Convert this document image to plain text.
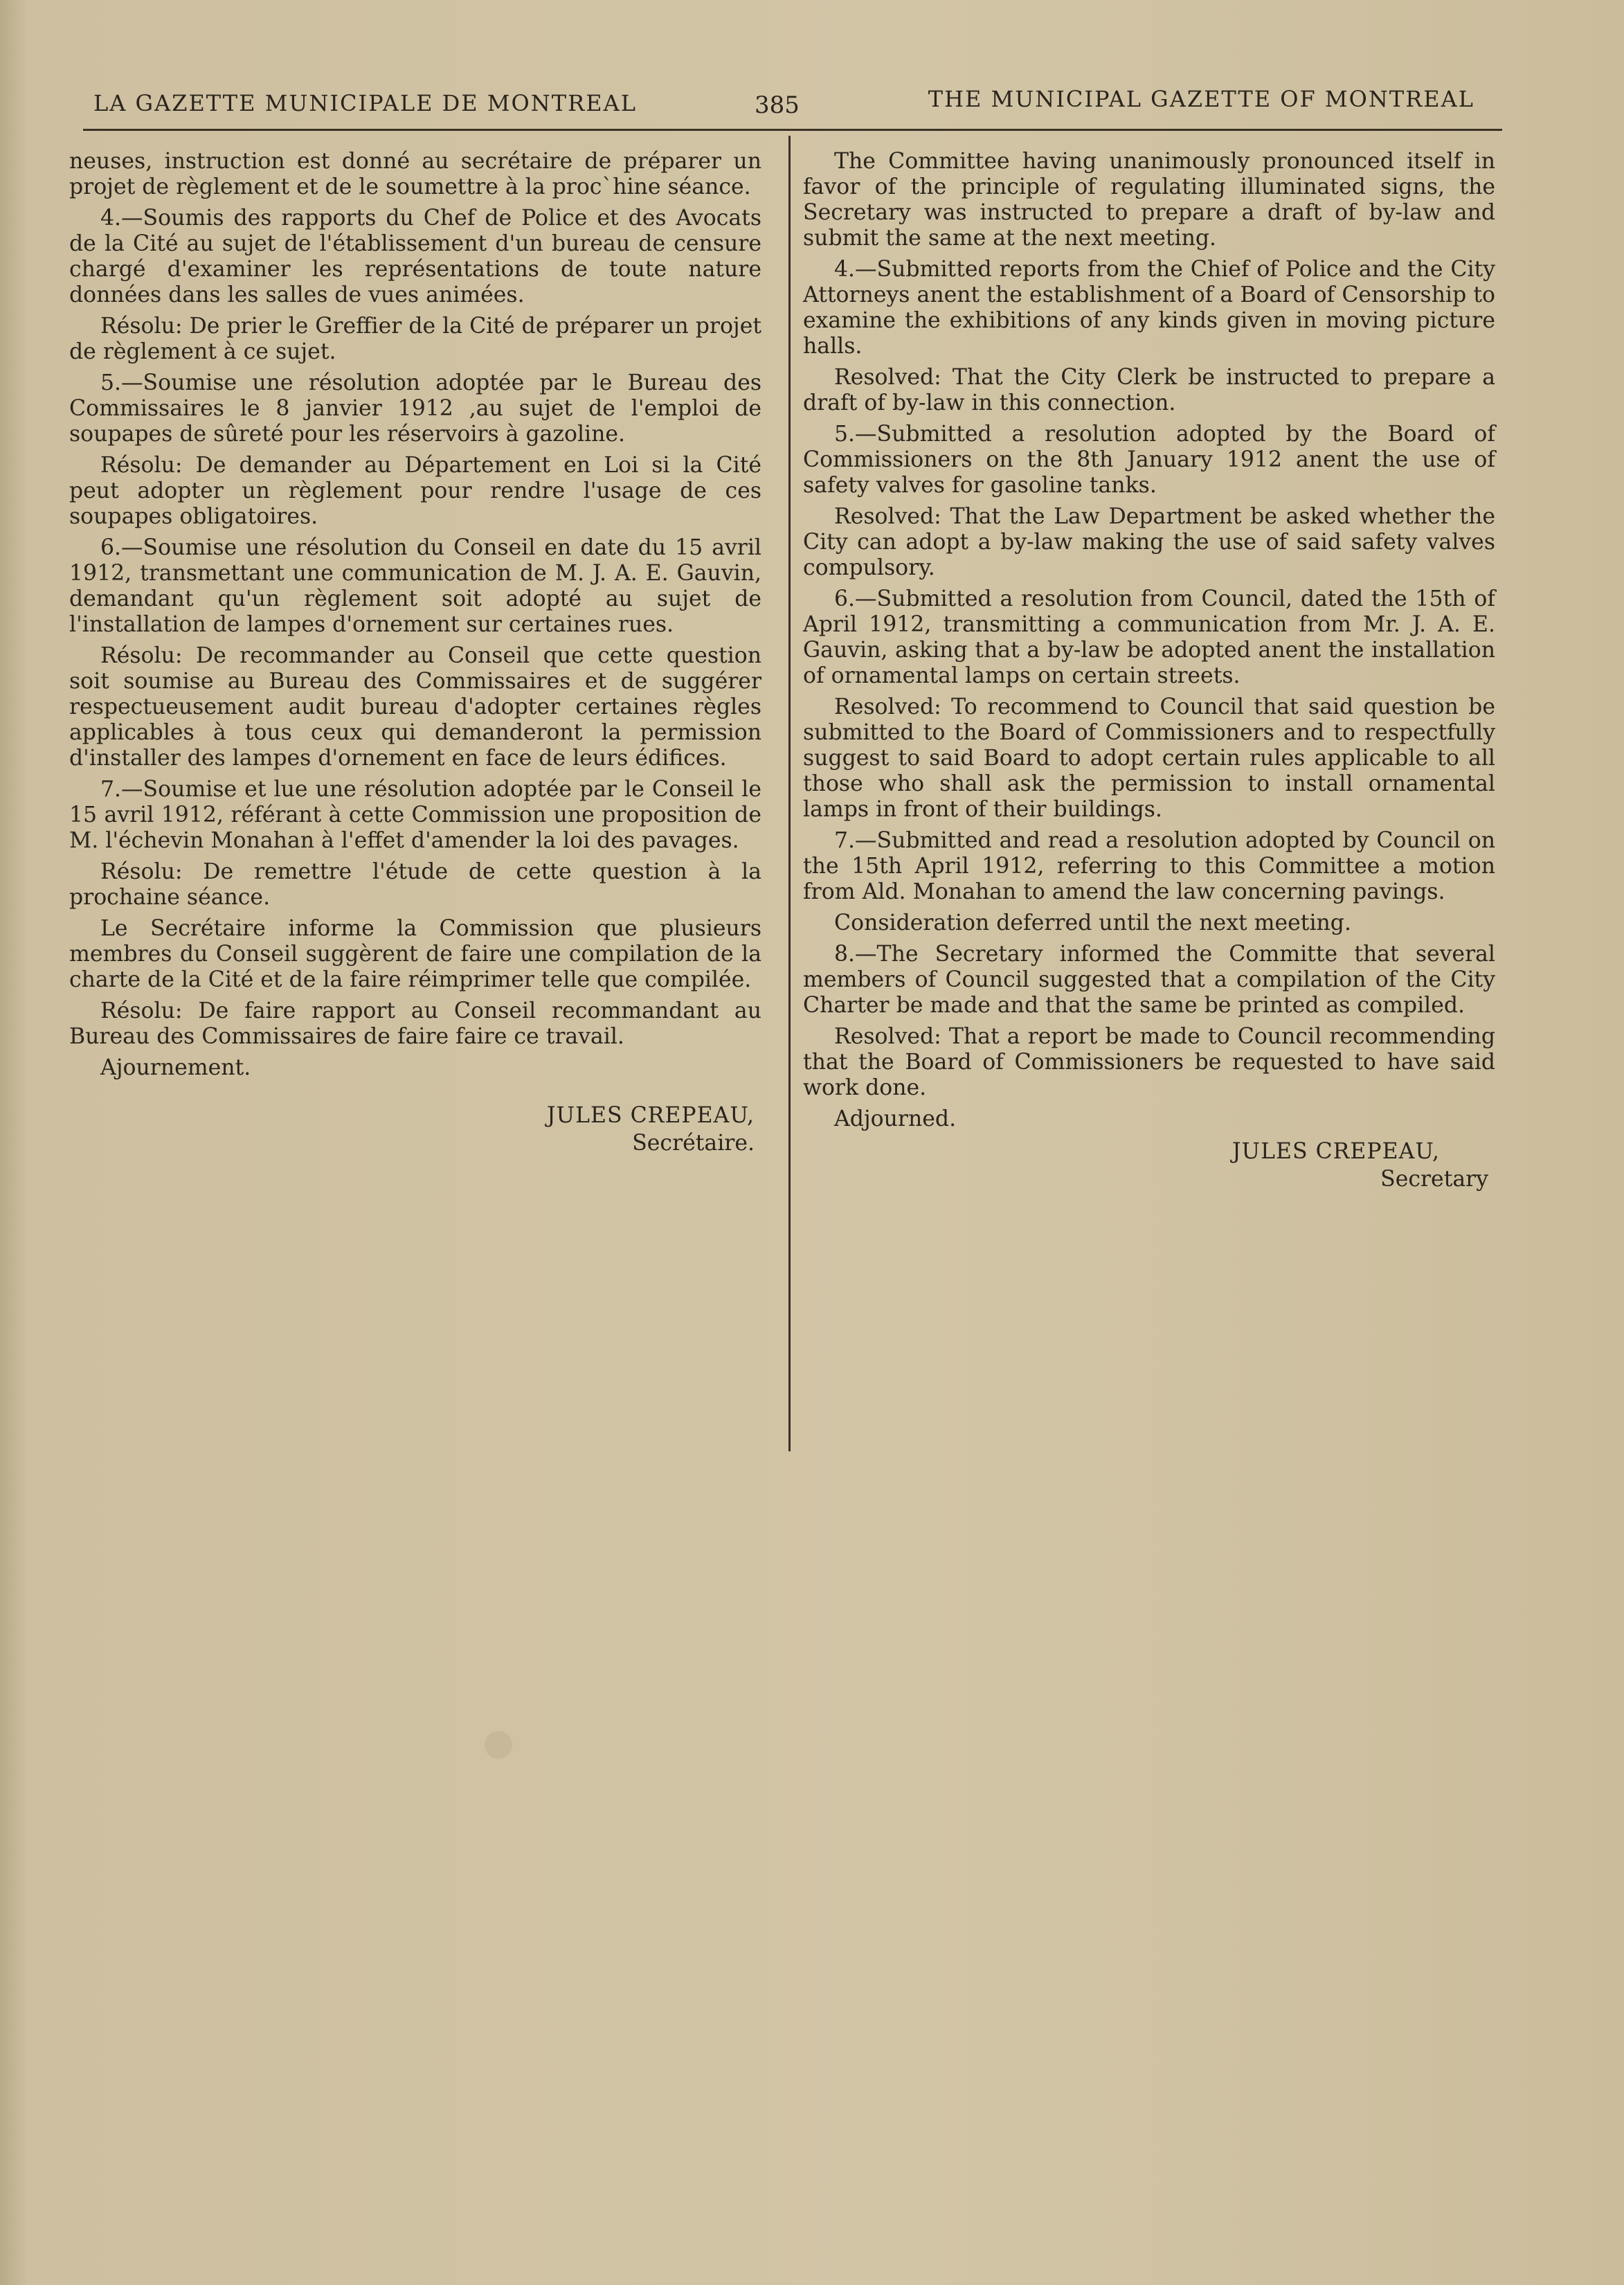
LA GAZETTE MUNICIPALE DE MONTREAL	385	THE MUNICIPAL GAZETTE OF MONTREAL

neuses, instruction est donné au secrétaire de préparer un projet de règlement et de le soumettre à la proc`hine séance.

4.—Soumis des rapports du Chef de Police et des Avocats de la Cité au sujet de l'établissement d'un bureau de censure chargé d'examiner les représentations de toute nature données dans les salles de vues animées.

Résolu: De prier le Greffier de la Cité de préparer un projet de règlement à ce sujet.

5.—Soumise une résolution adoptée par le Bureau des Commissaires le 8 janvier 1912 ,au sujet de l'emploi de soupapes de sûreté pour les réservoirs à gazoline.

Résolu: De demander au Département en Loi si la Cité peut adopter un règlement pour rendre l'usage de ces soupapes obligatoires.

6.—Soumise une résolution du Conseil en date du 15 avril 1912, transmettant une communication de M. J. A. E. Gauvin, demandant qu'un règlement soit adopté au sujet de l'installation de lampes d'ornement sur certaines rues.

Résolu: De recommander au Conseil que cette question soit soumise au Bureau des Commissaires et de suggérer respectueusement audit bureau d'adopter certaines règles applicables à tous ceux qui demanderont la permission d'installer des lampes d'ornement en face de leurs édifices.

7.—Soumise et lue une résolution adoptée par le Conseil le 15 avril 1912, référant à cette Commission une proposition de M. l'échevin Monahan à l'effet d'amender la loi des pavages.

Résolu: De remettre l'étude de cette question à la prochaine séance.

Le Secrétaire informe la Commission que plusieurs membres du Conseil suggèrent de faire une compilation de la charte de la Cité et de la faire réimprimer telle que compilée.

Résolu: De faire rapport au Conseil recommandant au Bureau des Commissaires de faire faire ce travail.

Ajournement.

JULES CREPEAU,
Secrétaire.

The Committee having unanimously pronounced itself in favor of the principle of regulating illuminated signs, the Secretary was instructed to prepare a draft of by-law and submit the same at the next meeting.

4.—Submitted reports from the Chief of Police and the City Attorneys anent the establishment of a Board of Censorship to examine the exhibitions of any kinds given in moving picture halls.

Resolved: That the City Clerk be instructed to prepare a draft of by-law in this connection.

5.—Submitted a resolution adopted by the Board of Commissioners on the 8th January 1912 anent the use of safety valves for gasoline tanks.

Resolved: That the Law Department be asked whether the City can adopt a by-law making the use of said safety valves compulsory.

6.—Submitted a resolution from Council, dated the 15th of April 1912, transmitting a communication from Mr. J. A. E. Gauvin, asking that a by-law be adopted anent the installation of ornamental lamps on certain streets.

Resolved: To recommend to Council that said question be submitted to the Board of Commissioners and to respectfully suggest to said Board to adopt certain rules applicable to all those who shall ask the permission to install ornamental lamps in front of their buildings.

7.—Submitted and read a resolution adopted by Council on the 15th April 1912, referring to this Committee a motion from Ald. Monahan to amend the law concerning pavings.

Consideration deferred until the next meeting.

8.—The Secretary informed the Committe that several members of Council suggested that a compilation of the City Charter be made and that the same be printed as compiled.

Resolved: That a report be made to Council recommending that the Board of Commissioners be requested to have said work done.

Adjourned.

JULES CREPEAU,
Secretary
